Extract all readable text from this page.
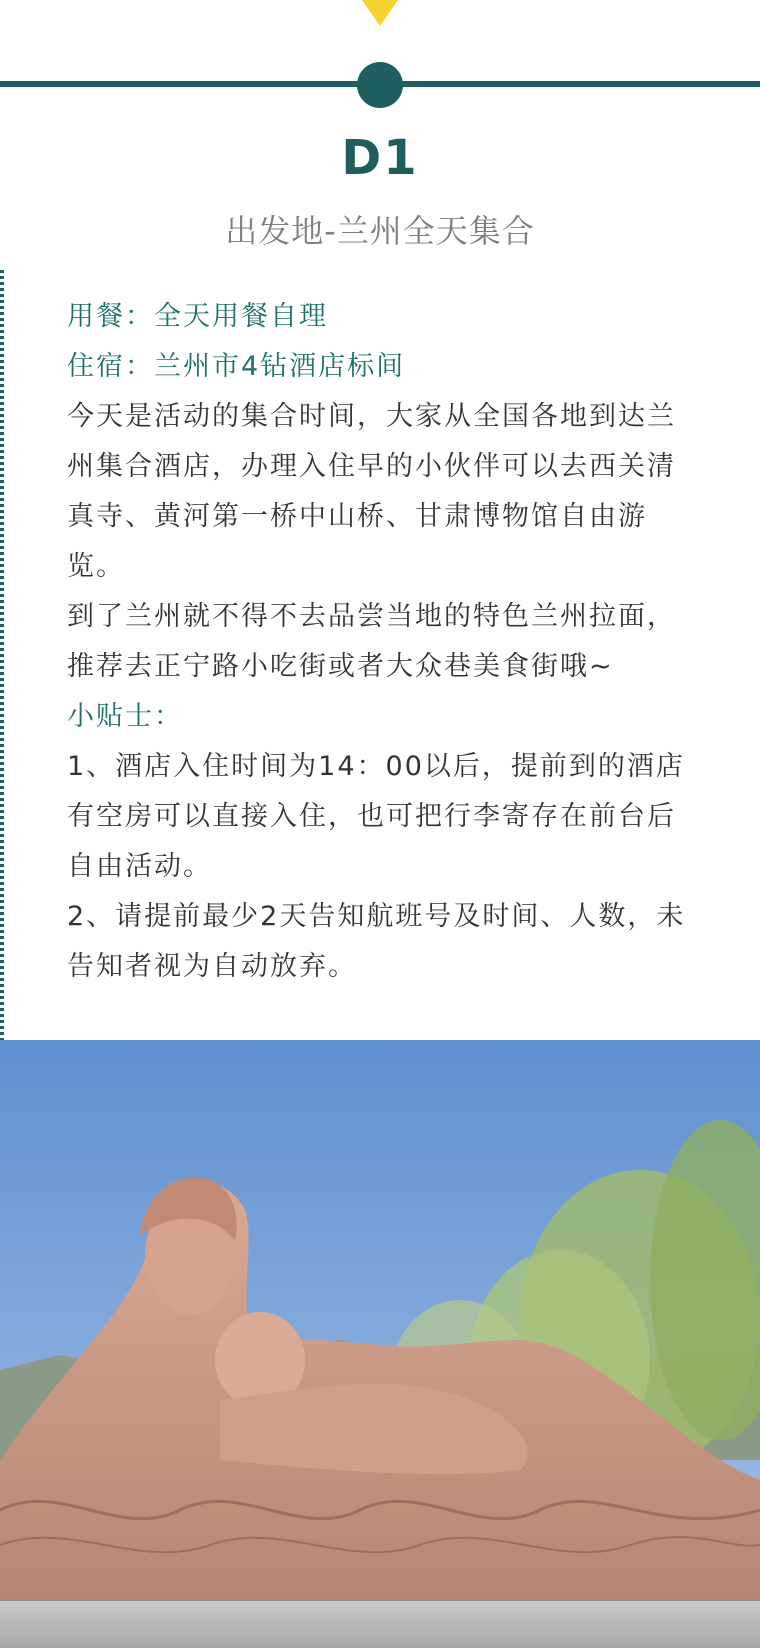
D1
出发地-兰州全天集合

用餐：全天用餐自理

住宿：兰州市4钻酒店标间

今天是活动的集合时间，大家从全国各地到达兰州集合酒店，办理入住早的小伙伴可以去西关清真寺、黄河第一桥中山桥、甘肃博物馆自由游览。

到了兰州就不得不去品尝当地的特色兰州拉面，推荐去正宁路小吃街或者大众巷美食街哦~

小贴士：

1、酒店入住时间为14：00以后，提前到的酒店有空房可以直接入住，也可把行李寄存在前台后自由活动。

2、请提前最少2天告知航班号及时间、人数，未告知者视为自动放弃。
